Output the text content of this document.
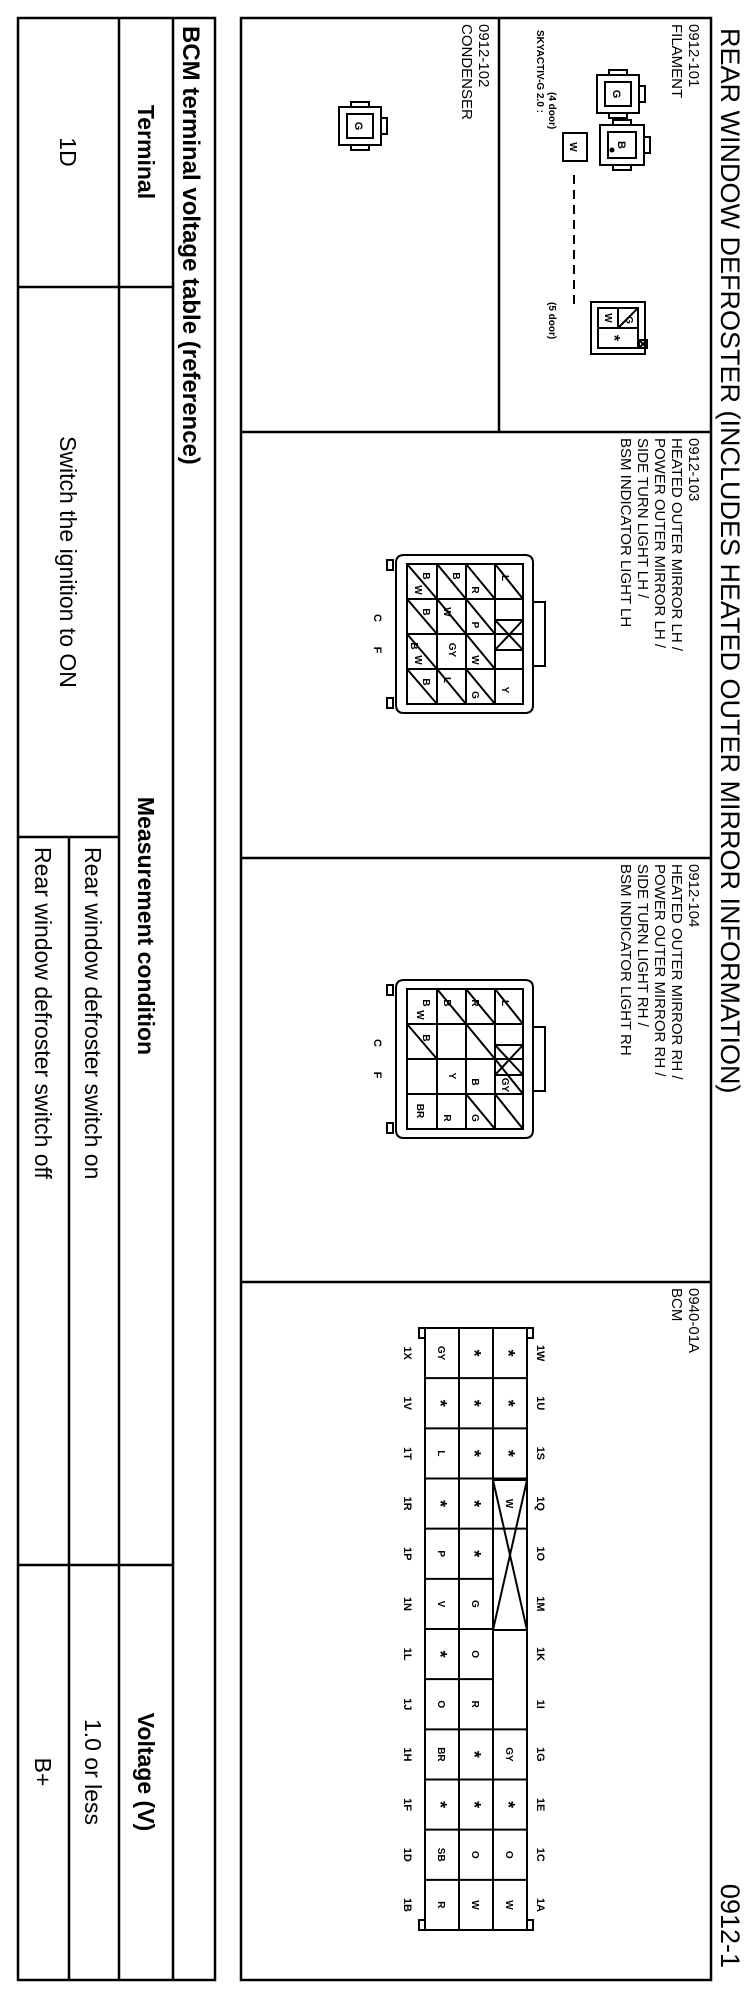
REAR WINDOW DEFROSTER (INCLUDES HEATED OUTER MIRROR INFORMATION)
0912-1
0912-101
FILAMENT
SKYACTIV-G 2.0 : (4 door)
(5 door)
G
B
W
G
W
*
0912-102
CONDENSER
G
0912-103
HEATED OUTER MIRROR LH /
POWER OUTER MIRROR LH /
SIDE TURN LIGHT LH /
BSM INDICATOR LIGHT LH
L
Y
R
P
W
G
B
W
GY
L
W
B
W
B
B
B
C
F
0912-104
HEATED OUTER MIRROR RH /
POWER OUTER MIRROR RH /
SIDE TURN LIGHT RH /
BSM INDICATOR LIGHT RH
L
GY
G
R
B
R
B
Y
BR
W
B
B
C
F
0940-01A
BCM
*
*
*
W
GY
*
O
W
*
*
*
*
*
G
O
R
*
*
O
W
GY
*
L
*
P
V
*
O
BR
*
SB
R
1W
1U
1S
1Q
1O
1M
1K
1I
1G
1E
1C
1A
1X
1V
1T
1R
1P
1N
1L
1J
1H
1F
1D
1B
BCM terminal voltage table (reference)
Terminal
Measurement condition
Voltage (V)
1D
Switch the ignition to ON
Rear window defroster switch on
1.0 or less
Rear window defroster switch off
B+
